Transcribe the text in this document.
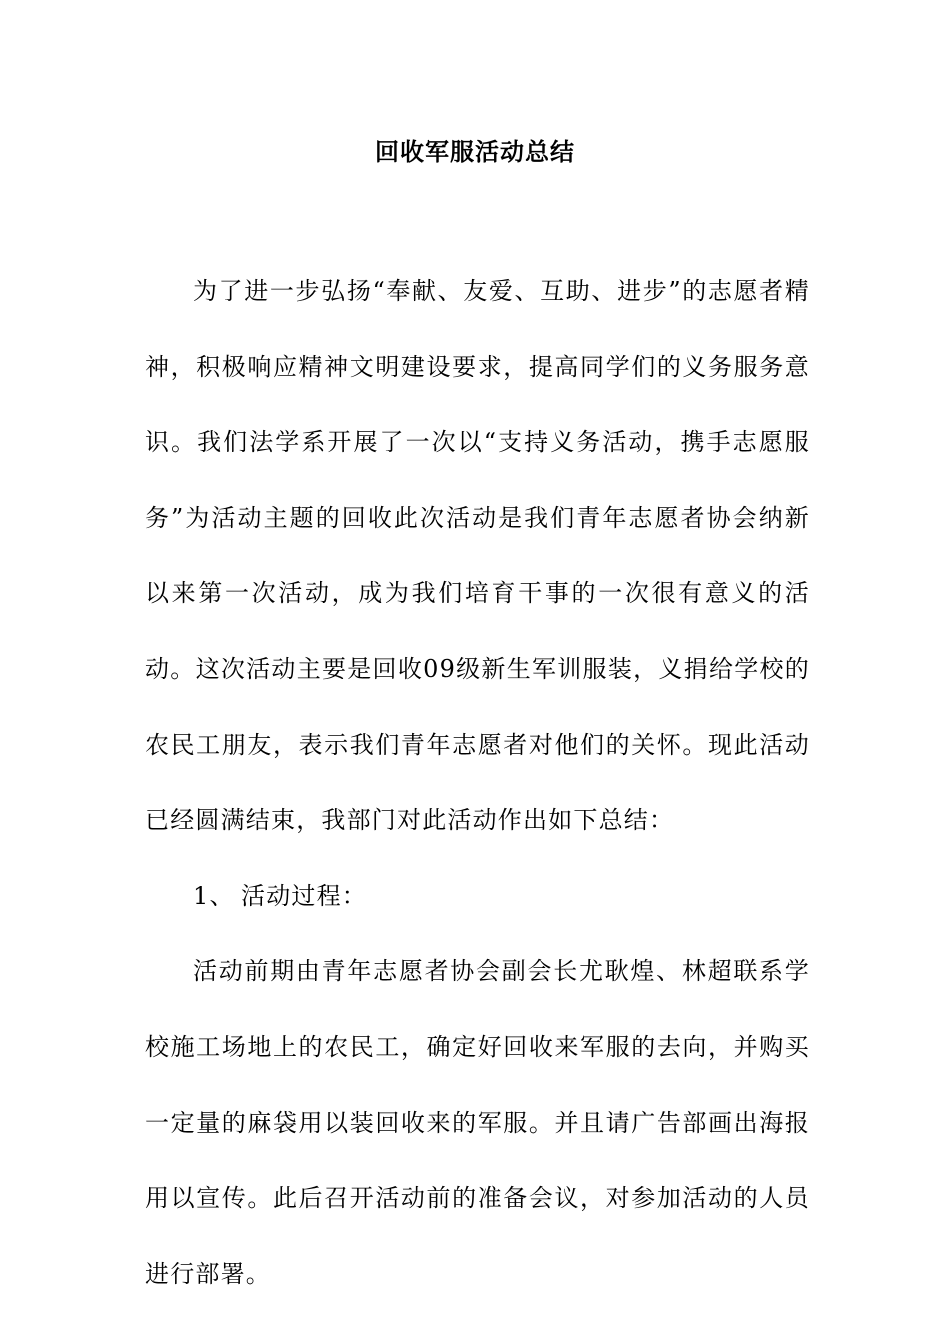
回收军服活动总结

为了进一步弘扬“奉献、友爱、互助、进步”的志愿者精神，积极响应精神文明建设要求，提高同学们的义务服务意识。我们法学系开展了一次以“支持义务活动，携手志愿服务”为活动主题的回收此次活动是我们青年志愿者协会纳新以来第一次活动，成为我们培育干事的一次很有意义的活动。这次活动主要是回收09级新生军训服装，义捐给学校的农民工朋友，表示我们青年志愿者对他们的关怀。现此活动已经圆满结束，我部门对此活动作出如下总结：

1、 活动过程：

活动前期由青年志愿者协会副会长尤耿煌、林超联系学校施工场地上的农民工，确定好回收来军服的去向，并购买一定量的麻袋用以装回收来的军服。并且请广告部画出海报用以宣传。此后召开活动前的准备会议，对参加活动的人员进行部署。
